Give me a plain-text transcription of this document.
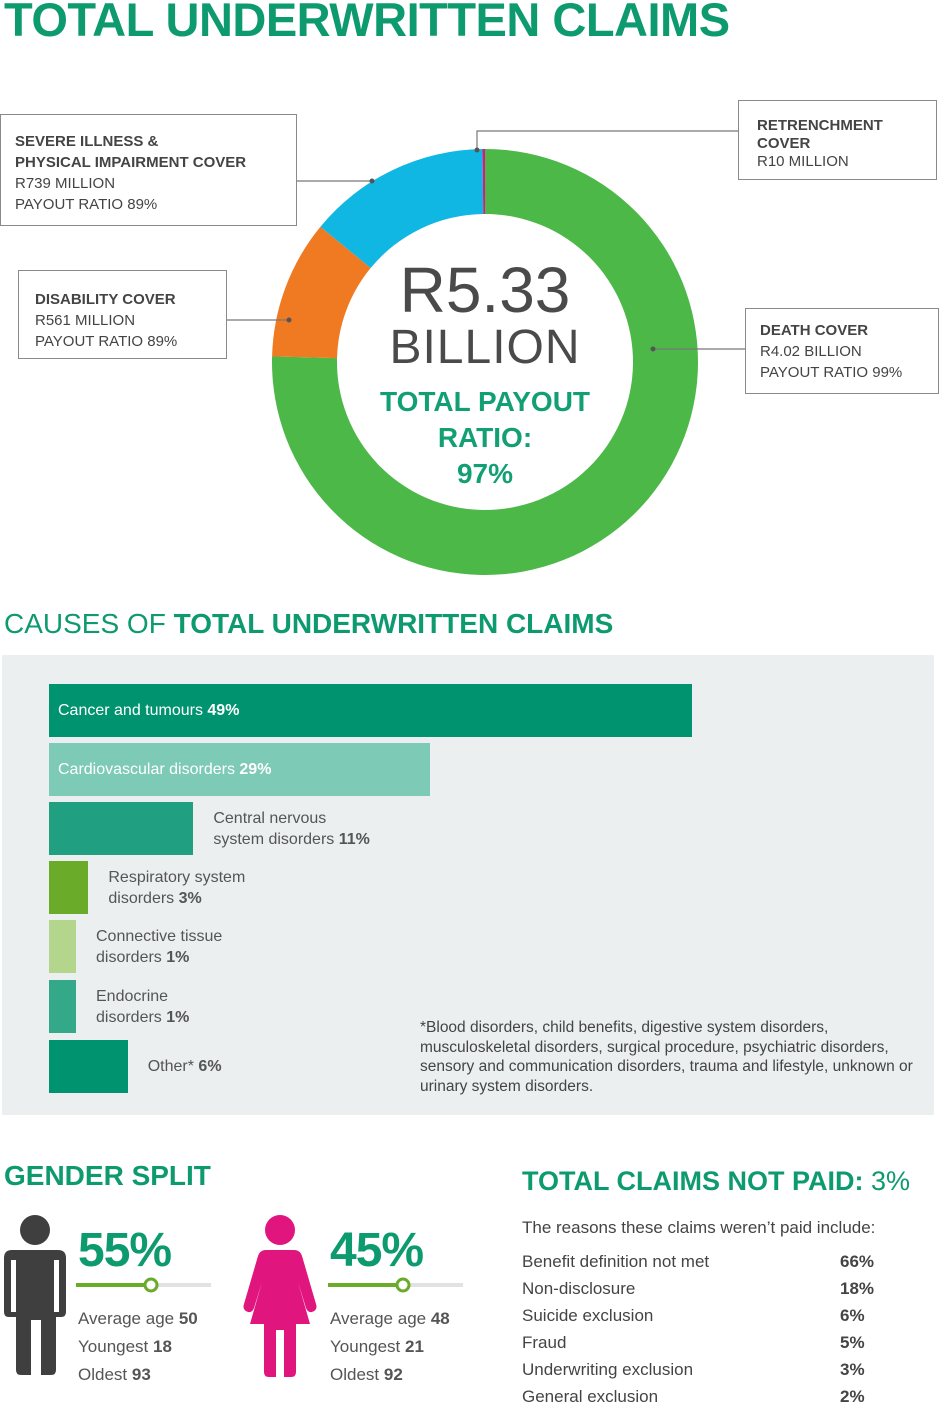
TOTAL UNDERWRITTEN CLAIMS
R5.33
BILLION
TOTAL PAYOUT
RATIO:
97%
SEVERE ILLNESS &
PHYSICAL IMPAIRMENT COVER
R739 MILLION
PAYOUT RATIO 89%
RETRENCHMENT
COVER
R10 MILLION
DISABILITY COVER
R561 MILLION
PAYOUT RATIO 89%
DEATH COVER
R4.02 BILLION
PAYOUT RATIO 99%
CAUSES OF TOTAL UNDERWRITTEN CLAIMS
Cancer and tumours 49%
Cardiovascular disorders 29%
Central nervous
system disorders 11%
Respiratory system
disorders 3%
Connective tissue
disorders 1%
Endocrine
disorders 1%
Other* 6%
*Blood disorders, child benefits, digestive system disorders, musculoskeletal disorders, surgical procedure, psychiatric disorders, sensory and communication disorders, trauma and lifestyle, unknown or urinary system disorders.
GENDER SPLIT
55%
Average age 50
Youngest 18
Oldest 93
45%
Average age 48
Youngest 21
Oldest 92
TOTAL CLAIMS NOT PAID: 3%
The reasons these claims weren’t paid include:
Benefit definition not met	66%
Non-disclosure	18%
Suicide exclusion	6%
Fraud	5%
Underwriting exclusion	3%
General exclusion	2%
